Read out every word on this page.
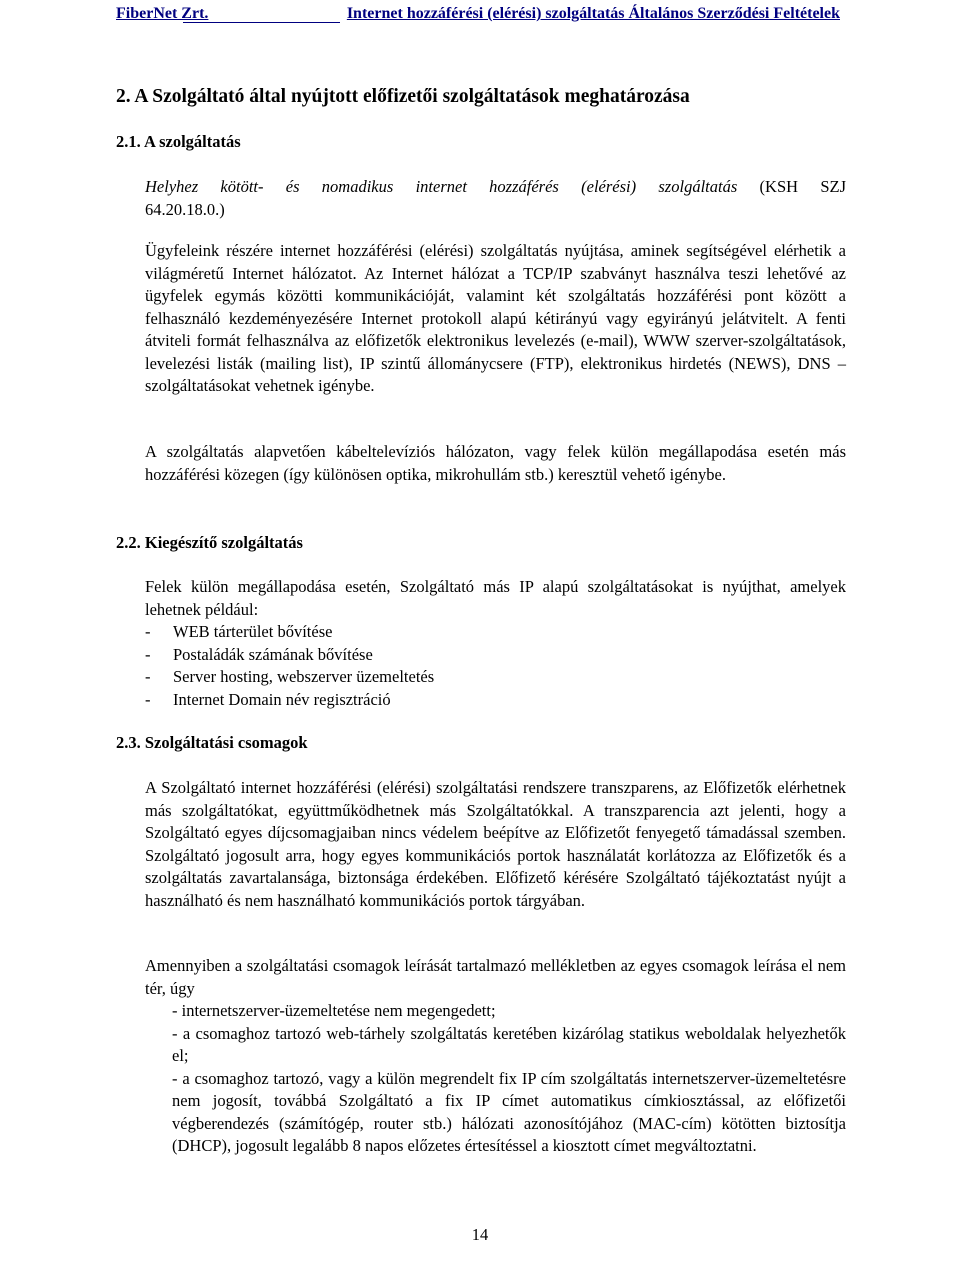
FiberNet Zrt.	Internet hozzáférési (elérési) szolgáltatás Általános Szerződési Feltételek
2. A Szolgáltató által nyújtott előfizetői szolgáltatások meghatározása
2.1. A szolgáltatás

Helyhez kötött- és nomadikus internet hozzáférés (elérési) szolgáltatás (KSH SZJ

64.20.18.0.)

Ügyfeleink részére internet hozzáférési (elérési) szolgáltatás nyújtása, aminek segítségével elérhetik a világméretű Internet hálózatot. Az Internet hálózat a TCP/IP szabványt használva teszi lehetővé az ügyfelek egymás közötti kommunikációját, valamint két szolgáltatás hozzáférési pont között a felhasználó kezdeményezésére Internet protokoll alapú kétirányú vagy egyirányú jelátvitelt. A fenti átviteli formát felhasználva az előfizetők elektronikus levelezés (e-mail), WWW szerver-szolgáltatások, levelezési listák (mailing list), IP szintű állománycsere (FTP), elektronikus hirdetés (NEWS), DNS – szolgáltatásokat vehetnek igénybe.

A szolgáltatás alapvetően kábeltelevíziós hálózaton, vagy felek külön megállapodása esetén más hozzáférési közegen (így különösen optika, mikrohullám stb.) keresztül vehető igénybe.

2.2. Kiegészítő szolgáltatás

Felek külön megállapodása esetén, Szolgáltató más IP alapú szolgáltatásokat is nyújthat, amelyek lehetnek például:

- WEB tárterület bővítése
- Postaládák számának bővítése
- Server hosting, webszerver üzemeltetés
- Internet Domain név regisztráció
2.3. Szolgáltatási csomagok

A Szolgáltató internet hozzáférési (elérési) szolgáltatási rendszere transzparens, az Előfizetők elérhetnek más szolgáltatókat, együttműködhetnek más Szolgáltatókkal. A transzparencia azt jelenti, hogy a Szolgáltató egyes díjcsomagjaiban nincs védelem beépítve az Előfizetőt fenyegető támadással szemben. Szolgáltató jogosult arra, hogy egyes kommunikációs portok használatát korlátozza az Előfizetők és a szolgáltatás zavartalansága, biztonsága érdekében. Előfizető kérésére Szolgáltató tájékoztatást nyújt a használható és nem használható kommunikációs portok tárgyában.

Amennyiben a szolgáltatási csomagok leírását tartalmazó mellékletben az egyes csomagok leírása el nem tér, úgy

- internetszerver-üzemeltetése nem megengedett;

- a csomaghoz tartozó web-tárhely szolgáltatás keretében kizárólag statikus weboldalak helyezhetők el;

- a csomaghoz tartozó, vagy a külön megrendelt fix IP cím szolgáltatás internetszerver-üzemeltetésre nem jogosít, továbbá Szolgáltató a fix IP címet automatikus címkiosztással, az előfizetői végberendezés (számítógép, router stb.) hálózati azonosítójához (MAC-cím) kötötten biztosítja (DHCP), jogosult legalább 8 napos előzetes értesítéssel a kiosztott címet megváltoztatni.

14
